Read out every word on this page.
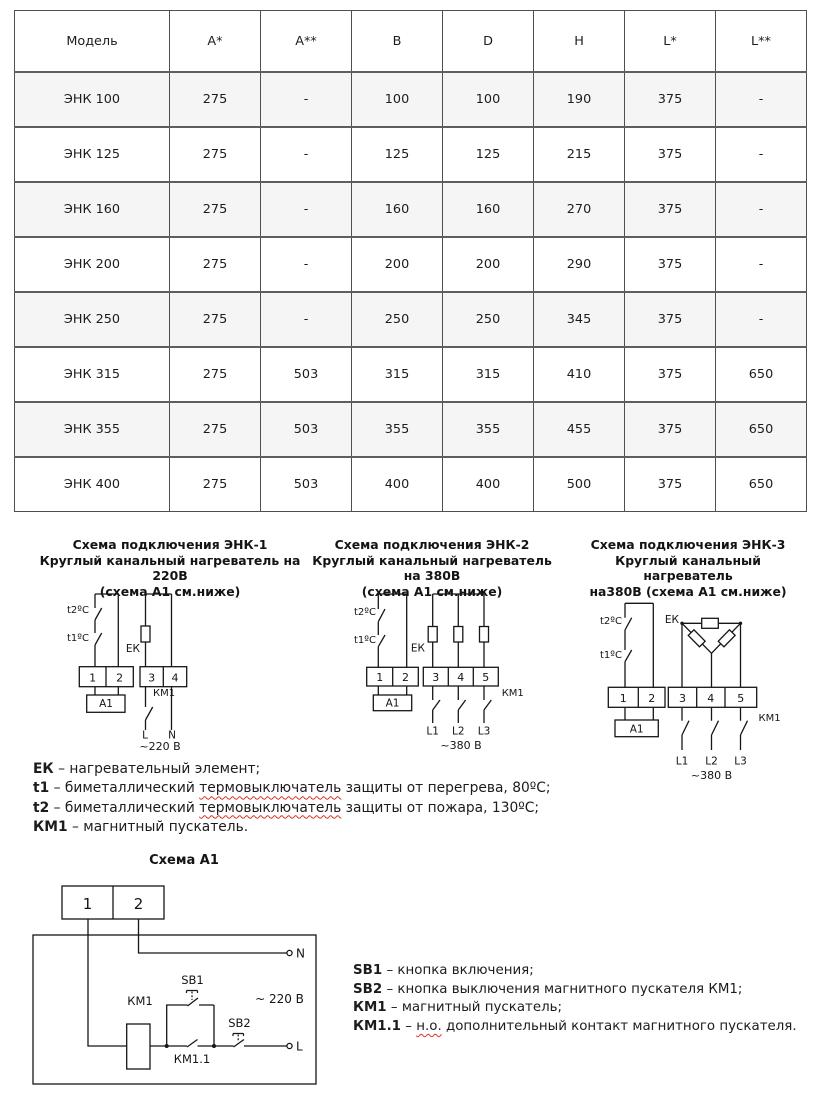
Модель	A*	A**	B	D	H	L*	L**
ЭНК 100	275	-	100	100	190	375	-
ЭНК 125	275	-	125	125	215	375	-
ЭНК 160	275	-	160	160	270	375	-
ЭНК 200	275	-	200	200	290	375	-
ЭНК 250	275	-	250	250	345	375	-
ЭНК 315	275	503	315	315	410	375	650
ЭНК 355	275	503	355	355	455	375	650
ЭНК 400	275	503	400	400	500	375	650
Схема подключения ЭНК-1
Круглый канальный нагреватель на 220В
(схема А1 см.ниже)
Схема подключения ЭНК-2
Круглый канальный нагреватель на 380В
(схема А1 см.ниже)
Схема подключения ЭНК-3
Круглый канальный нагреватель
на380В (схема А1 см.ниже)
t2ºС
t1ºС
ЕК
1 2 3 4
А1
КМ1
L N
~220 В
t2ºС
t1ºС
ЕК
1 2 3 4 5
А1
КМ1
L1 L2 L3
~380 В
t2ºС
t1ºС
ЕК
1 2 3 4 5
А1
КМ1
L1 L2 L3
~380 В
ЕК – нагревательный элемент;
t1 – биметаллический термовыключатель защиты от перегрева, 80ºС;
t2 – биметаллический термовыключатель защиты от пожара, 130ºС;
КМ1 – магнитный пускатель.
Схема А1
1	2
N
L
КМ1
SB1
SB2
КМ1.1
~ 220 В
SB1 – кнопка включения;
SB2 – кнопка выключения магнитного пускателя КМ1;
КМ1 – магнитный пускатель;
КМ1.1 – н.о. дополнительный контакт магнитного пускателя.
